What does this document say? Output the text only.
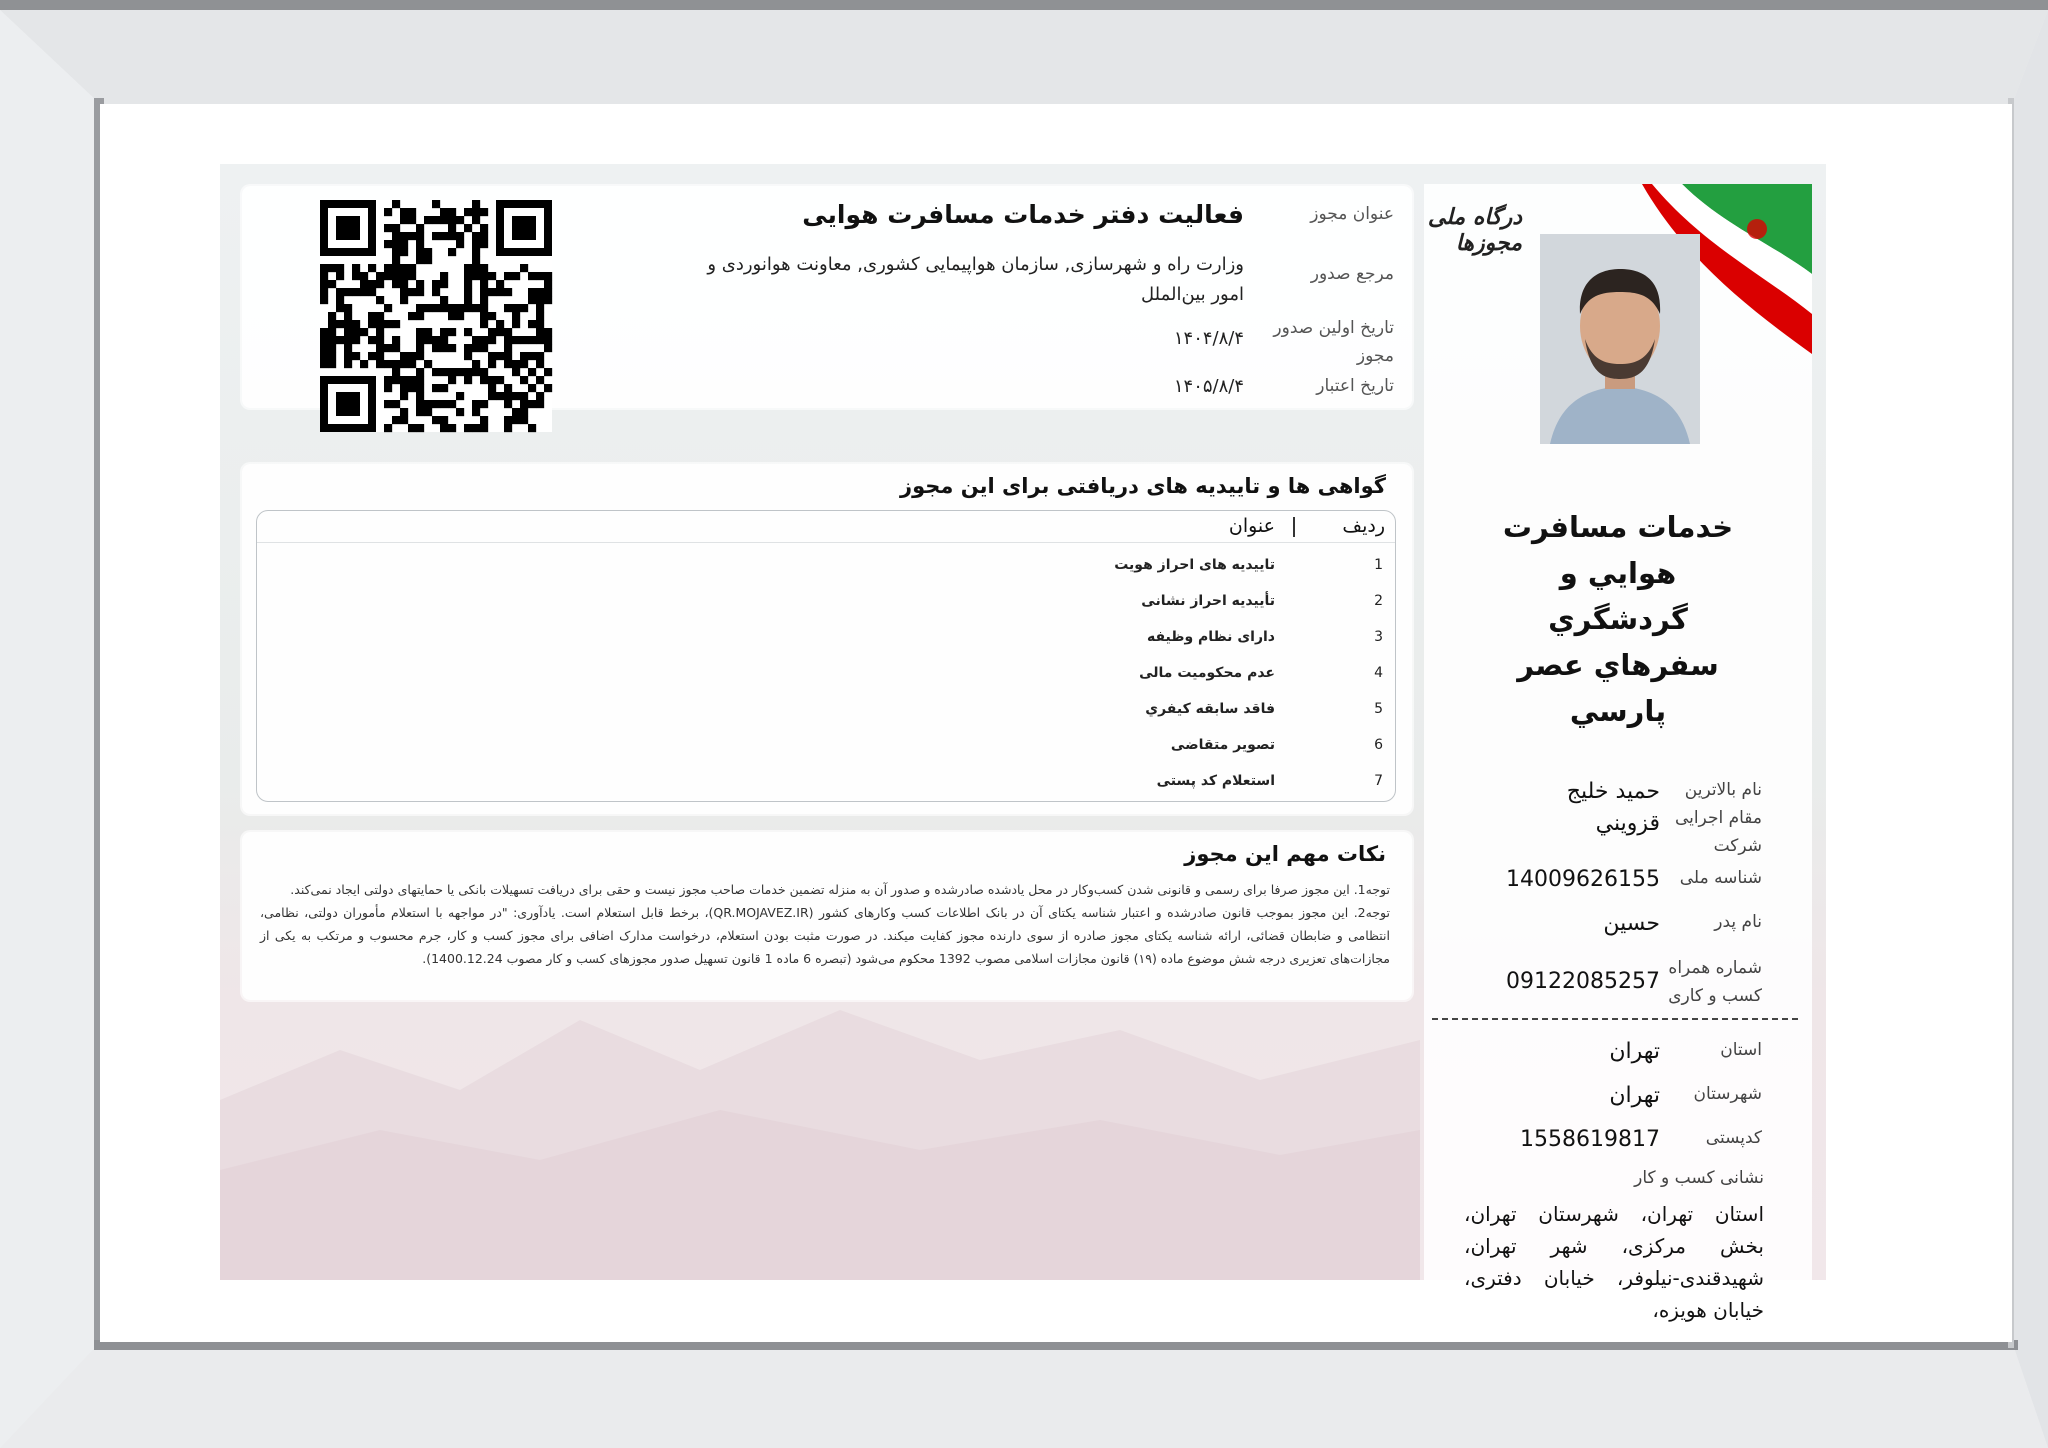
درگاه ملی مجوزها
خدمات مسافرت
هوايي و
گردشگري
سفرهاي عصر
پارسي
نام بالاترین مقام اجرایی شرکت
حمید خلیج قزويني
شناسه ملی
14009626155
نام پدر
حسین
شماره همراه کسب و کاری
09122085257
استان
تهران
شهرستان
تهران
کدپستی
1558619817
نشانی کسب و کار
استان تهران، شهرستان تهران، بخش مرکزی، شهر تهران، شهیدقندی-نیلوفر، خیابان دفتری، خیابان هویزه،
عنوان مجوز
فعالیت دفتر خدمات مسافرت هوایی
مرجع صدور
وزارت راه و شهرسازی, سازمان هواپیمایی کشوری, معاونت هوانوردی و امور بین‌الملل
تاریخ اولین صدور مجوز
۱۴۰۴/۸/۴
تاریخ اعتبار
۱۴۰۵/۸/۴
گواهی ها و تاییدیه های دریافتی برای این مجوز
ردیف
عنوان
1
تاییدیه های احراز هویت
2
تأییدیه احراز نشانی
3
دارای نظام وظیفه
4
عدم محکومیت مالی
5
فاقد سابقه کيفري
6
تصویر متقاضی
7
استعلام کد پستی
نکات مهم این مجوز

توجه1. این مجوز صرفا برای رسمی و قانونی شدن کسب‌وکار در محل یادشده صادرشده و صدور آن به منزله تضمین خدمات صاحب مجوز نیست و حقی برای دریافت تسهیلات بانکی یا حمایتهای دولتی ایجاد نمی‌کند.

توجه2. این مجوز بموجب قانون صادرشده و اعتبار شناسه یکتای آن در بانک اطلاعات کسب وکارهای کشور (QR.MOJAVEZ.IR)، برخط قابل استعلام است. یادآوری: "در مواجهه با استعلام مأموران دولتی، نظامی، انتظامی و ضابطان قضائی، ارائه شناسه یکتای مجوز صادره از سوی دارنده مجوز کفایت میکند. در صورت مثبت بودن استعلام، درخواست مدارک اضافی برای مجوز کسب و کار، جرم محسوب و مرتکب به یکی از مجازات‌های تعزیری درجه شش موضوع ماده (۱۹) قانون مجازات اسلامی مصوب 1392 محکوم می‌شود (تبصره 6 ماده 1 قانون تسهیل صدور مجوزهای کسب و کار مصوب 1400.12.24).
